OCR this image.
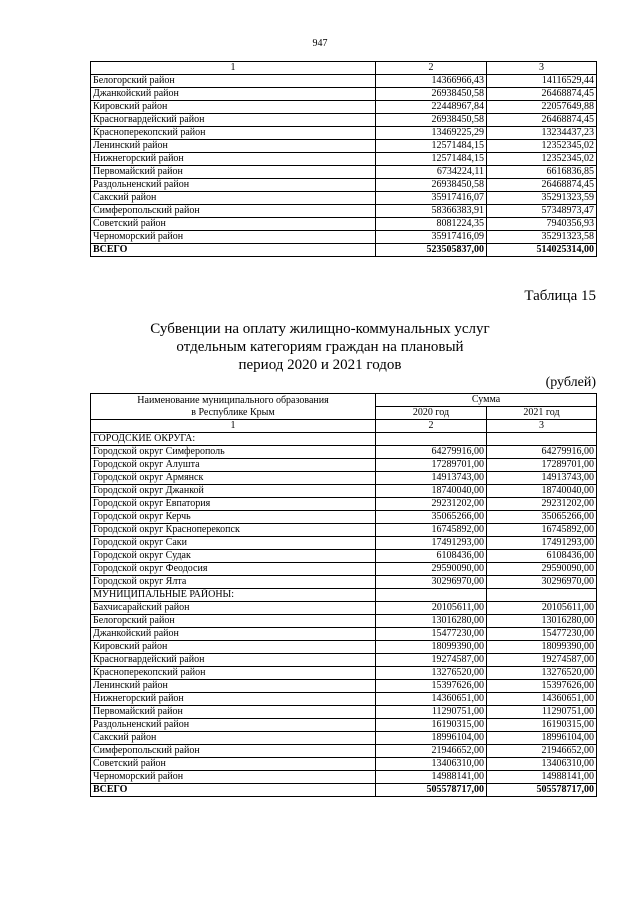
947
1	2	3
Белогорский район	14366966,43	14116529,44
Джанкойский район	26938450,58	26468874,45
Кировский район	22448967,84	22057649,88
Красногвардейский район	26938450,58	26468874,45
Красноперекопский район	13469225,29	13234437,23
Ленинский район	12571484,15	12352345,02
Нижнегорский район	12571484,15	12352345,02
Первомайский район	6734224,11	6616836,85
Раздольненский район	26938450,58	26468874,45
Сакский район	35917416,07	35291323,59
Симферопольский район	58366383,91	57348973,47
Советский район	8081224,35	7940356,93
Черноморский район	35917416,09	35291323,58
ВСЕГО	523505837,00	514025314,00
Таблица 15
Субвенции на оплату жилищно-коммунальных услуг
отдельным категориям граждан на плановый
период 2020 и 2021 годов
(рублей)
Наименование муниципального образования
в Республике Крым	Сумма	
	2020 год	2021 год
1	2	3
ГОРОДСКИЕ ОКРУГА:		
Городской округ Симферополь	64279916,00	64279916,00
Городской округ Алушта	17289701,00	17289701,00
Городской округ Армянск	14913743,00	14913743,00
Городской округ Джанкой	18740040,00	18740040,00
Городской округ Евпатория	29231202,00	29231202,00
Городской округ Керчь	35065266,00	35065266,00
Городской округ Красноперекопск	16745892,00	16745892,00
Городской округ Саки	17491293,00	17491293,00
Городской округ Судак	6108436,00	6108436,00
Городской округ Феодосия	29590090,00	29590090,00
Городской округ Ялта	30296970,00	30296970,00
МУНИЦИПАЛЬНЫЕ РАЙОНЫ:		
Бахчисарайский район	20105611,00	20105611,00
Белогорский район	13016280,00	13016280,00
Джанкойский район	15477230,00	15477230,00
Кировский район	18099390,00	18099390,00
Красногвардейский район	19274587,00	19274587,00
Красноперекопский район	13276520,00	13276520,00
Ленинский район	15397626,00	15397626,00
Нижнегорский район	14360651,00	14360651,00
Первомайский район	11290751,00	11290751,00
Раздольненский район	16190315,00	16190315,00
Сакский район	18996104,00	18996104,00
Симферопольский район	21946652,00	21946652,00
Советский район	13406310,00	13406310,00
Черноморский район	14988141,00	14988141,00
ВСЕГО	505578717,00	505578717,00
